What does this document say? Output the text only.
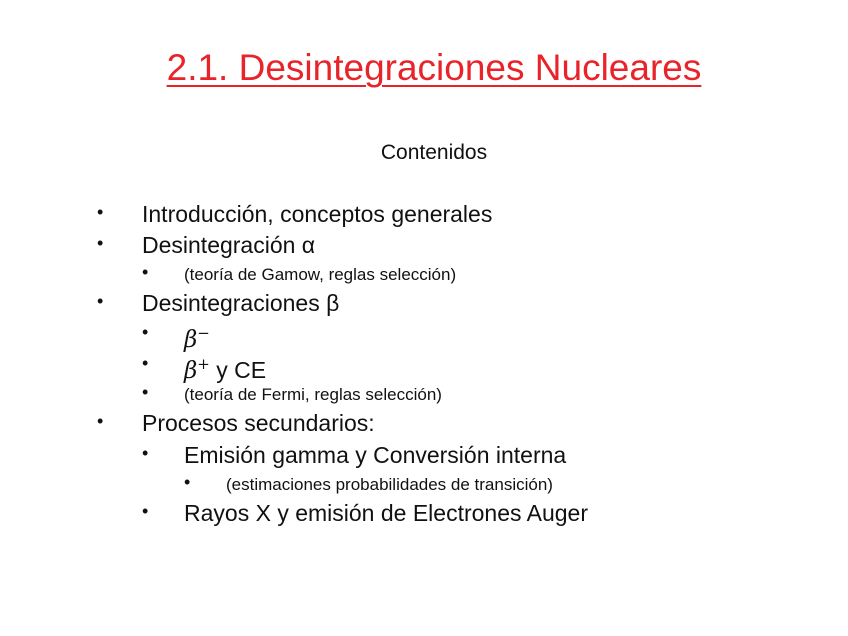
2.1. Desintegraciones Nucleares
Contenidos
• Introducción, conceptos generales
• Desintegración α
• (teoría de Gamow, reglas selección)
• Desintegraciones β
• β−
• β+ y CE
• (teoría de Fermi, reglas selección)
• Procesos secundarios:
• Emisión gamma y Conversión interna
• (estimaciones probabilidades de transición)
• Rayos X y emisión de Electrones Auger
